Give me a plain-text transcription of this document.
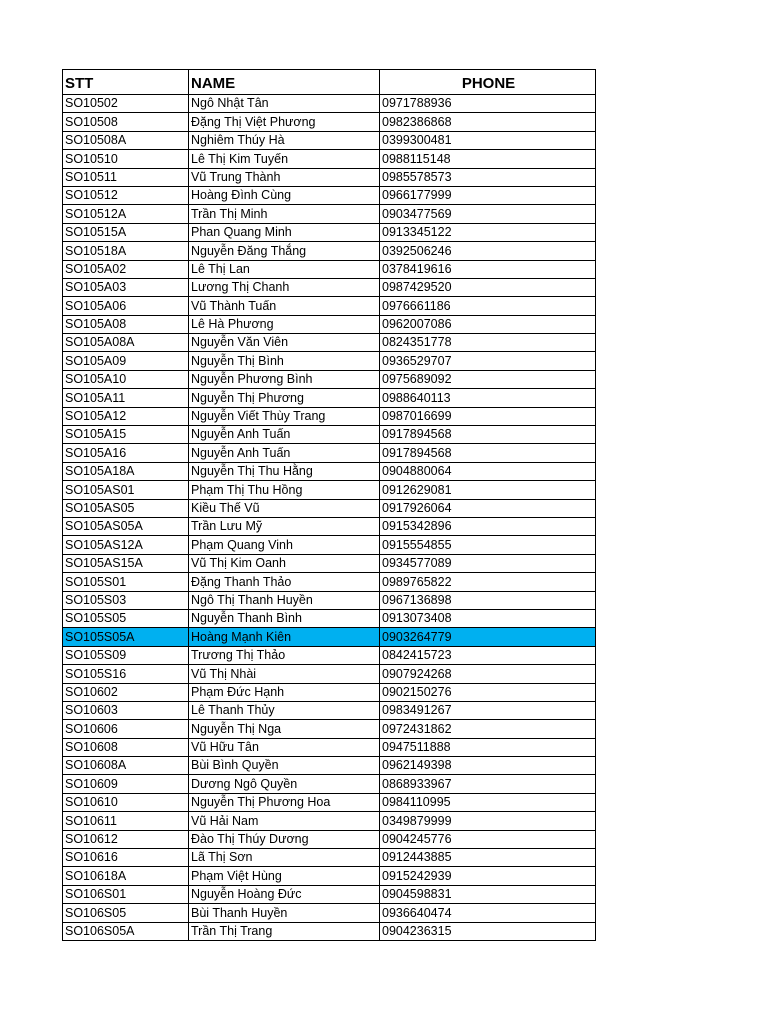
STT	NAME	PHONE
SO10502	Ngô Nhật Tân	0971788936
SO10508	Đặng Thị Việt Phương	0982386868
SO10508A	Nghiêm Thúy Hà	0399300481
SO10510	Lê Thị Kim Tuyến	0988115148
SO10511	Vũ Trung Thành	0985578573
SO10512	Hoàng Đình Cùng	0966177999
SO10512A	Trần Thị Minh	0903477569
SO10515A	Phan Quang Minh	0913345122
SO10518A	Nguyễn Đăng Thắng	0392506246
SO105A02	Lê Thị Lan	0378419616
SO105A03	Lương Thị Chanh	0987429520
SO105A06	Vũ Thành Tuấn	0976661186
SO105A08	Lê Hà Phương	0962007086
SO105A08A	Nguyễn Văn Viên	0824351778
SO105A09	Nguyễn Thị Bình	0936529707
SO105A10	Nguyễn Phương Bình	0975689092
SO105A11	Nguyễn Thị Phương	0988640113
SO105A12	Nguyễn Viết Thùy Trang	0987016699
SO105A15	Nguyễn Anh Tuấn	0917894568
SO105A16	Nguyễn Anh Tuấn	0917894568
SO105A18A	Nguyễn Thị Thu Hằng	0904880064
SO105AS01	Phạm Thị Thu Hồng	0912629081
SO105AS05	Kiều Thế Vũ	0917926064
SO105AS05A	Trần Lưu Mỹ	0915342896
SO105AS12A	Phạm Quang Vinh	0915554855
SO105AS15A	Vũ Thị Kim Oanh	0934577089
SO105S01	Đặng Thanh Thảo	0989765822
SO105S03	Ngô Thị Thanh Huyền	0967136898
SO105S05	Nguyễn Thanh Bình	0913073408
SO105S05A	Hoàng Mạnh Kiên	0903264779
SO105S09	Trương Thị Thảo	0842415723
SO105S16	Vũ Thị Nhài	0907924268
SO10602	Phạm Đức Hạnh	0902150276
SO10603	Lê Thanh Thủy	0983491267
SO10606	Nguyễn Thị Nga	0972431862
SO10608	Vũ Hữu Tân	0947511888
SO10608A	Bùi Bình Quyền	0962149398
SO10609	Dương Ngô Quyền	0868933967
SO10610	Nguyễn Thị Phương Hoa	0984110995
SO10611	Vũ Hải Nam	0349879999
SO10612	Đào Thị Thúy Dương	0904245776
SO10616	Lã Thị Sơn	0912443885
SO10618A	Phạm Việt Hùng	0915242939
SO106S01	Nguyễn Hoàng Đức	0904598831
SO106S05	Bùi Thanh Huyền	0936640474
SO106S05A	Trần Thị Trang	0904236315
